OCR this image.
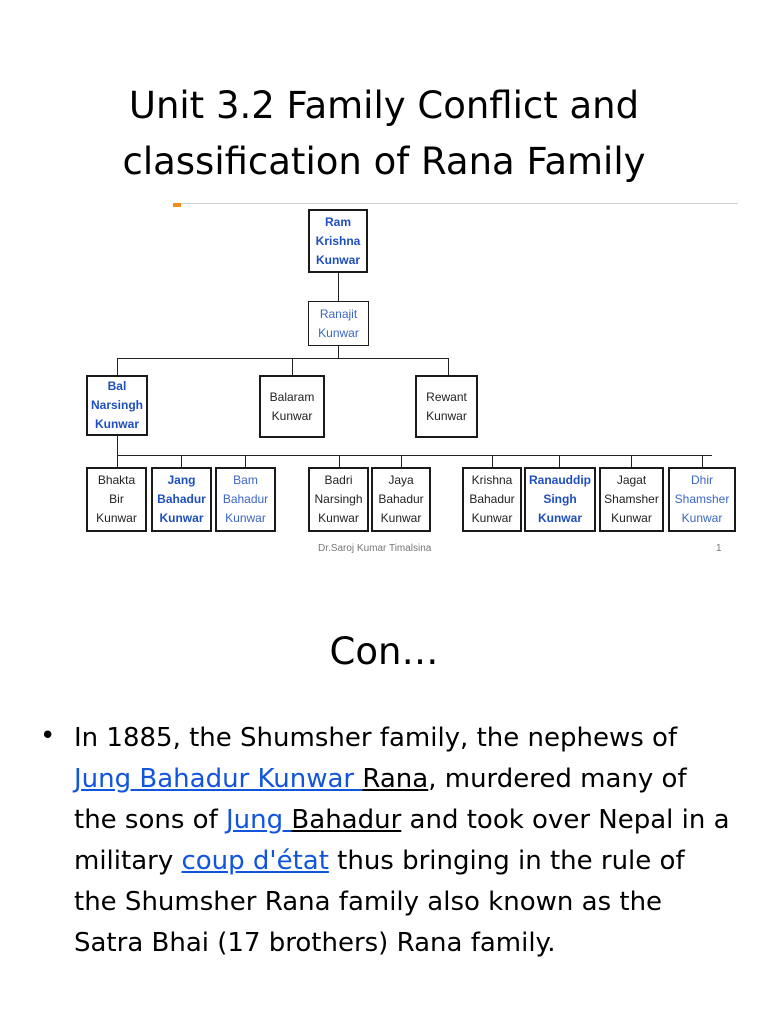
Unit 3.2 Family Conflict and
classification of Rana Family
Ram
Krishna
Kunwar
Ranajit
Kunwar
Bal
Narsingh
Kunwar
Balaram
Kunwar
Rewant
Kunwar
Bhakta
Bir
Kunwar
Jang
Bahadur
Kunwar
Bam
Bahadur
Kunwar
Badri
Narsingh
Kunwar
Jaya
Bahadur
Kunwar
Krishna
Bahadur
Kunwar
Ranauddip
Singh
Kunwar
Jagat
Shamsher
Kunwar
Dhir
Shamsher
Kunwar
Dr.Saroj Kumar Timalsina	1
Con…
• In 1885, the Shumsher family, the nephews of Jung Bahadur Kunwar Rana, murdered many of the sons of Jung Bahadur and took over Nepal in a military coup d'état thus bringing in the rule of the Shumsher Rana family also known as the Satra Bhai (17 brothers) Rana family.
